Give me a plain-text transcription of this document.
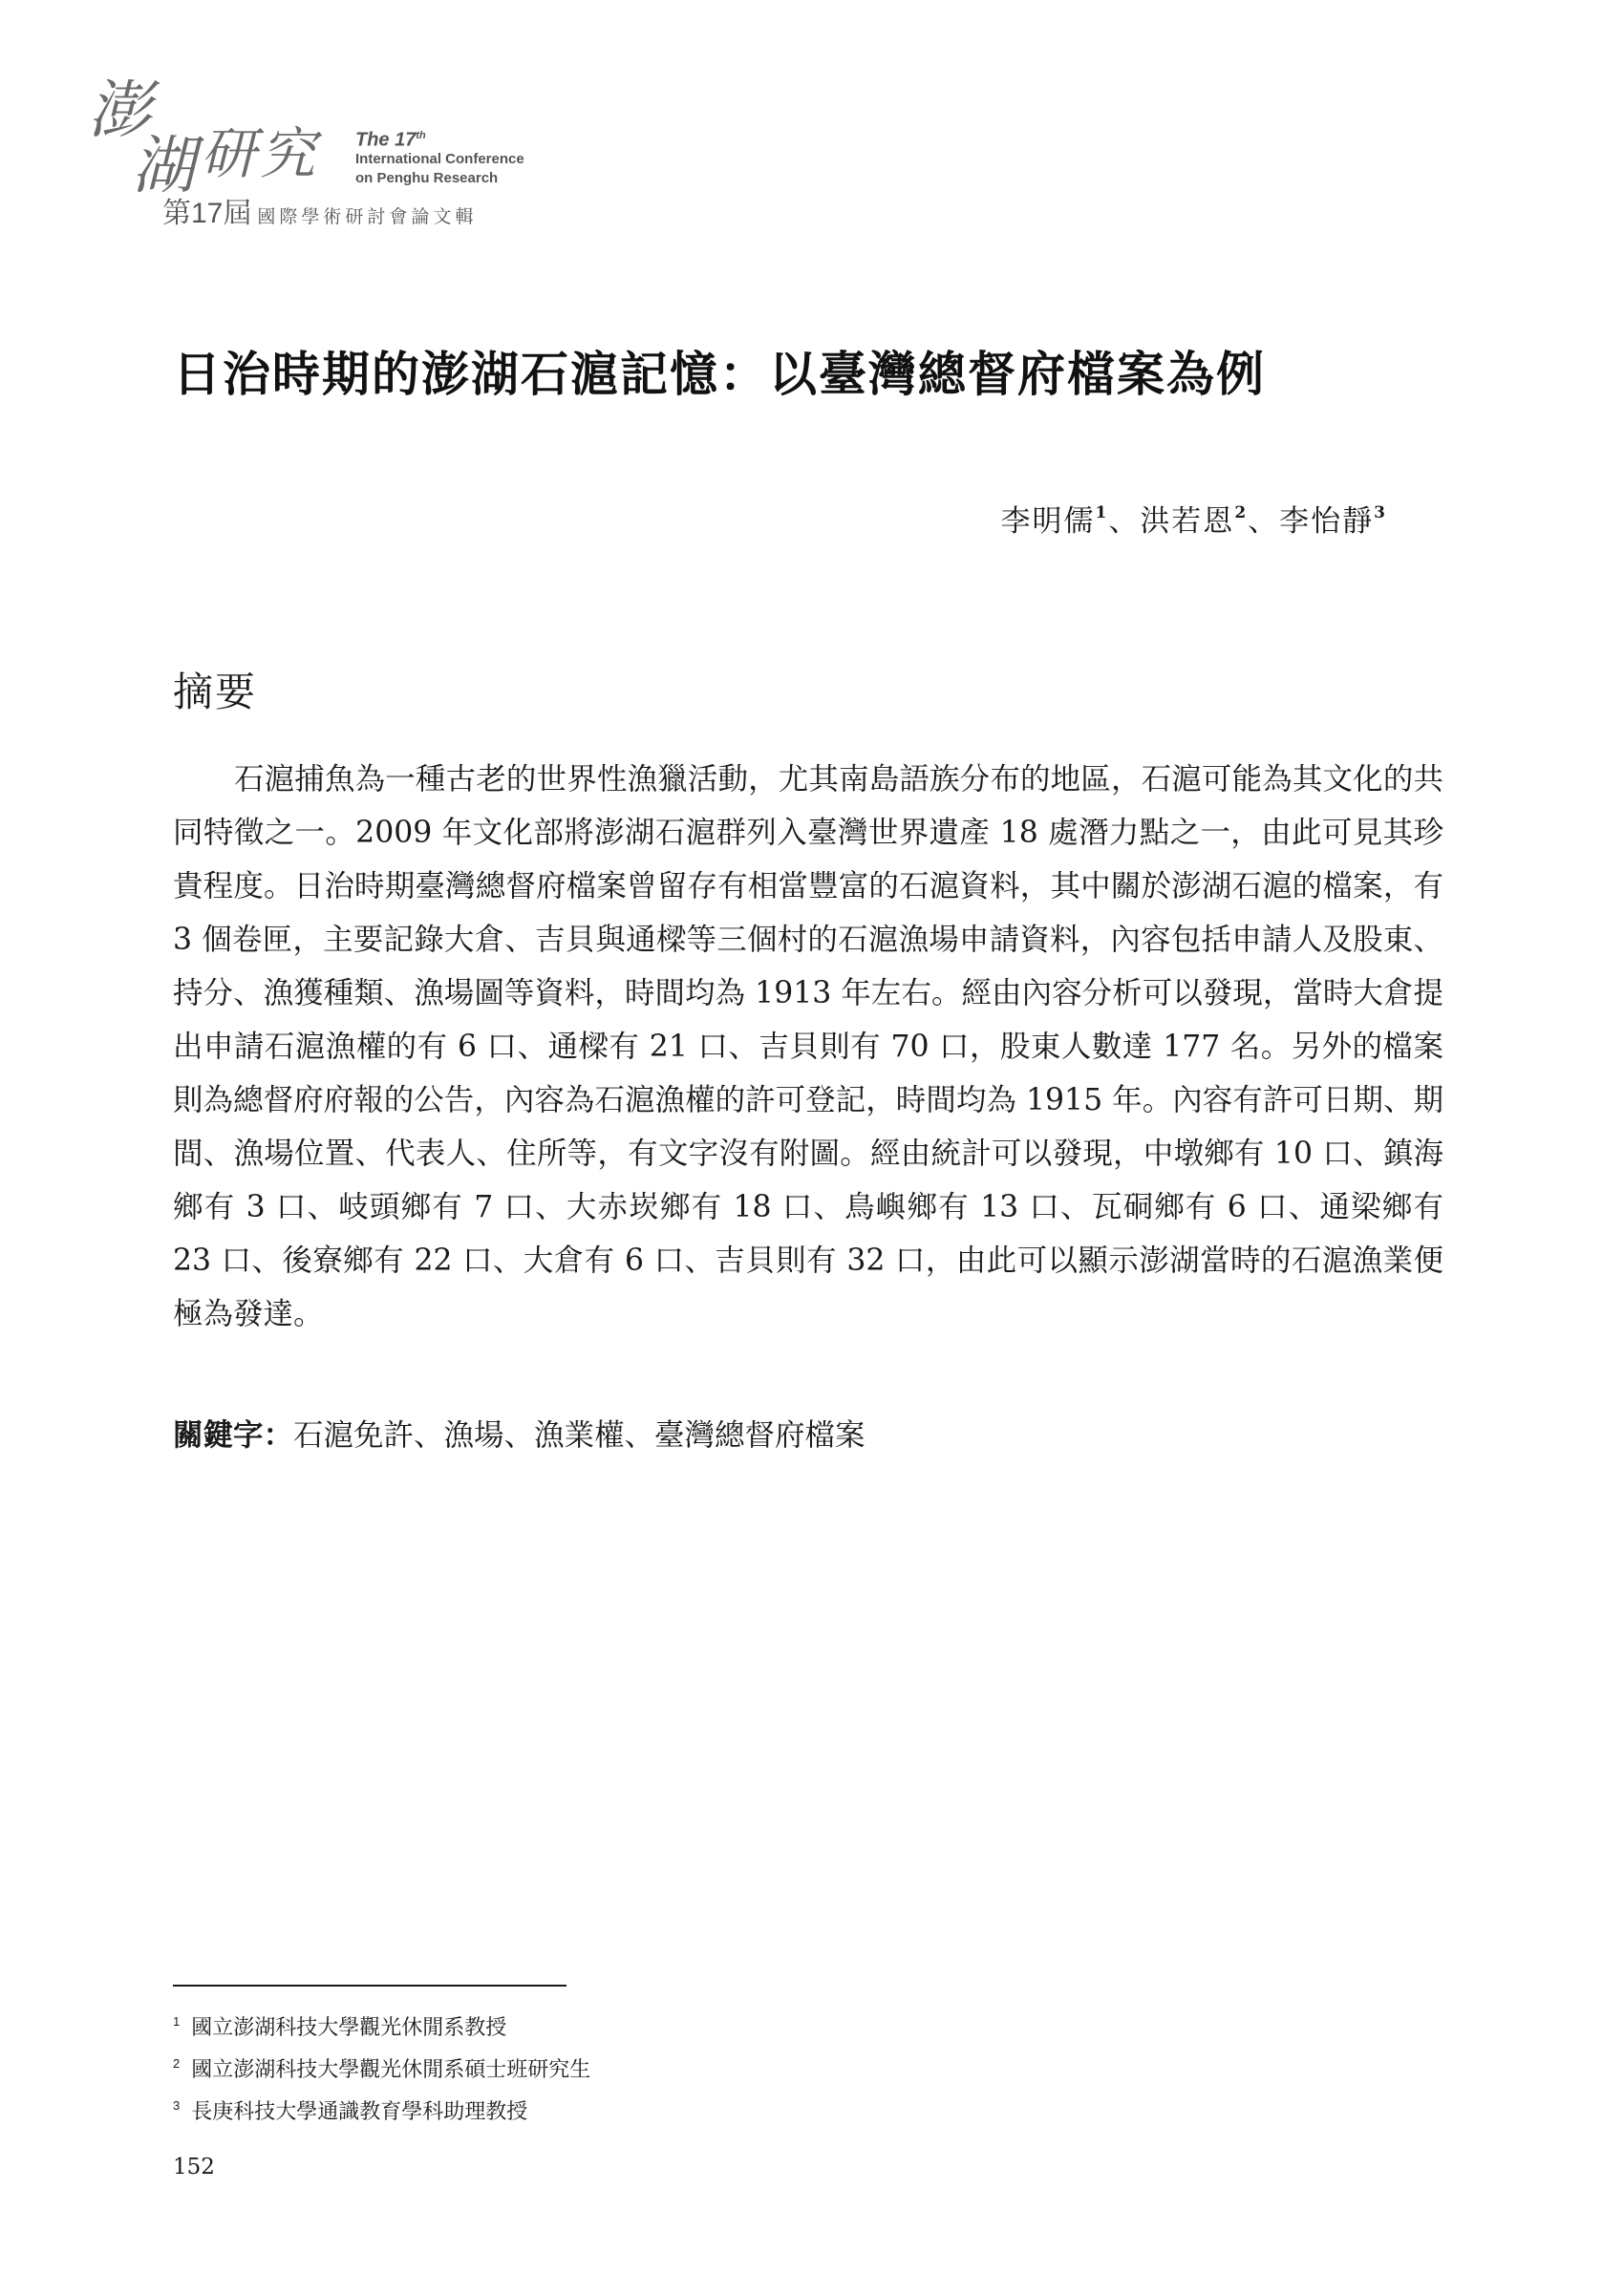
澎
湖 研 究 The 17th
International Conference
on Penghu Research
第17屆 國際學術研討會論文輯
日治時期的澎湖石滬記憶：以臺灣總督府檔案為例
李明儒$^1$、洪若恩$^2$、李怡靜$^3$
摘要

石滬捕魚為一種古老的世界性漁獵活動，尤其南島語族分布的地區，石滬可能為其文化的共同特徵之一。2009 年文化部將澎湖石滬群列入臺灣世界遺產 18 處潛力點之一，由此可見其珍貴程度。日治時期臺灣總督府檔案曾留存有相當豐富的石滬資料，其中關於澎湖石滬的檔案，有 3 個卷匣，主要記錄大倉、吉貝與通樑等三個村的石滬漁場申請資料，內容包括申請人及股東、持分、漁獲種類、漁場圖等資料，時間均為 1913 年左右。經由內容分析可以發現，當時大倉提出申請石滬漁權的有 6 口、通樑有 21 口、吉貝則有 70 口，股東人數達 177 名。另外的檔案則為總督府府報的公告，內容為石滬漁權的許可登記，時間均為 1915 年。內容有許可日期、期間、漁場位置、代表人、住所等，有文字沒有附圖。經由統計可以發現，中墩鄉有 10 口、鎮海鄉有 3 口、岐頭鄉有 7 口、大赤崁鄉有 18 口、鳥嶼鄉有 13 口、瓦硐鄉有 6 口、通梁鄉有 23 口、後寮鄉有 22 口、大倉有 6 口、吉貝則有 32 口，由此可以顯示澎湖當時的石滬漁業便極為發達。

關鍵字：石滬免許、漁場、漁業權、臺灣總督府檔案

$^1$ 國立澎湖科技大學觀光休閒系教授
$^2$ 國立澎湖科技大學觀光休閒系碩士班研究生
$^3$ 長庚科技大學通識教育學科助理教授
152
